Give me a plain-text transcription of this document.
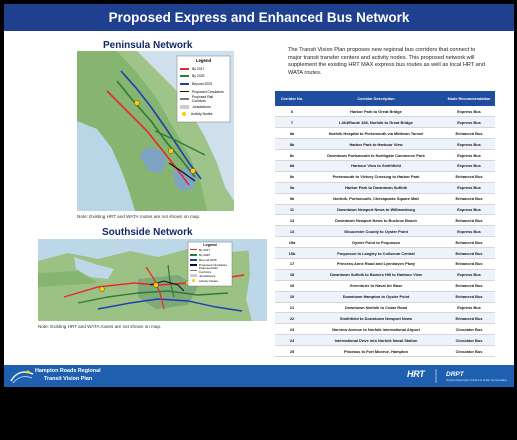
Proposed Express and Enhanced Bus Network
Peninsula Network
Legend
By 2017
By 2025
Beyond 2025
Proposed Circulators
Proposed Rail Corridors
Jurisdictions
Activity Nodes
Note: Existing HRT and WATA routes are not shown on map.
Southside Network
Legend
By 2017
By 2025
Beyond 2025
Proposed Circulators
Proposed Rail Corridors
Jurisdictions
Activity Nodes
Note: Existing HRT and WATA routes are not shown on map.
The Transit Vision Plan proposes new regional bus corridors that connect to major transit transfer centers and activity nodes. This proposed network will supplement the existing HRT MAX express bus routes as well as local HRT and WATA routes.
Corridor No.	Corridor Description	Mode Recommendation
6	Harbor Park to Great Bridge	Express Bus
7	I-464/Route 168, Norfolk to Great Bridge	Express Bus
8a	Norfolk Hospital to Portsmouth via Midtown Tunnel	Enhanced Bus
8b	Harbor Park to Harbour View	Express Bus
8c	Downtown Portsmouth to Northgate Commerce Park	Express Bus
8d	Harbour View to Smithfield	Express Bus
8e	Portsmouth to Victory Crossing to Harbor Park	Enhanced Bus
9a	Harbor Park to Downtown Suffolk	Express Bus
9b	Norfolk, Portsmouth, Chesapeake Square Mall	Enhanced Bus
11	Downtown Newport News to Williamsburg	Express Bus
13	Downtown Newport News to Buckroe Beach	Enhanced Bus
14	Gloucester County to Oyster Point	Express Bus
15a	Oyster Point to Poquoson	Enhanced Bus
15b	Poquoson to Langley to Coliseum Central	Enhanced Bus
17	Princess Anne Road and Lynnhaven Pkwy	Enhanced Bus
18	Downtown Suffolk to Bowers Hill to Harbour View	Express Bus
19	Greenbrier to Naval Air Base	Enhanced Bus
20	Downtown Hampton to Oyster Point	Enhanced Bus
21	Downtown Norfolk to Cedar Road	Express Bus
22	Smithfield to Downtown Newport News	Enhanced Bus
23	Norview Avenue to Norfolk International Airport	Circulator Bus
24	International Drive into Norfolk Naval Station	Circulator Bus
25	Phoebus to Fort Monroe, Hampton	Circulator Bus
Hampton Roads Regional
Transit Vision Plan	HRT	DRPT
Virginia Department of Rail and Public Transportation
